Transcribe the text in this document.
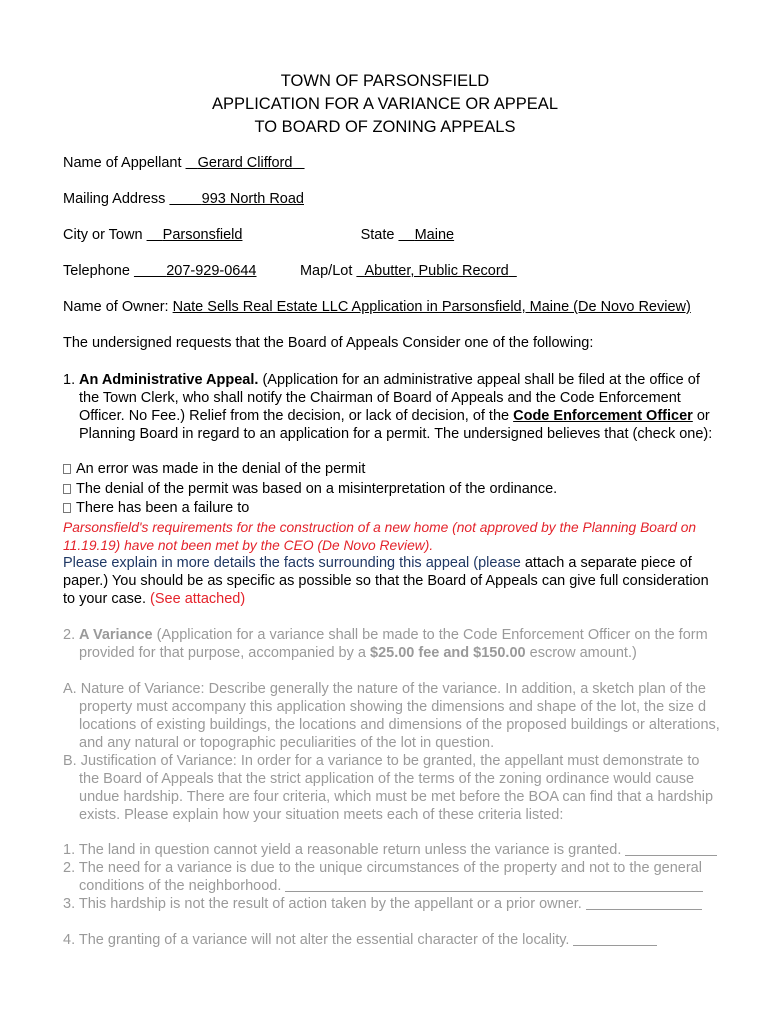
TOWN OF PARSONSFIELD
APPLICATION FOR A VARIANCE OR APPEAL
TO BOARD OF ZONING APPEALS
Name of Appellant Gerard Clifford
Mailing Address	993 North Road
City or Town Parsonsfield	State Maine
Telephone	207-929-0644	Map/Lot Abutter, Public Record
Name of Owner: Nate Sells Real Estate LLC Application in Parsonsfield, Maine (De Novo Review)
The undersigned requests that the Board of Appeals Consider one of the following:
1. An Administrative Appeal. (Application for an administrative appeal shall be filed at the office of the Town Clerk, who shall notify the Chairman of Board of Appeals and the Code Enforcement Officer. No Fee.) Relief from the decision, or lack of decision, of the Code Enforcement Officer or Planning Board in regard to an application for a permit. The undersigned believes that (check one):
An error was made in the denial of the permit
The denial of the permit was based on a misinterpretation of the ordinance.
There has been a failure to
Parsonsfield's requirements for the construction of a new home (not approved by the Planning Board on 11.19.19) have not been met by the CEO (De Novo Review).
Please explain in more details the facts surrounding this appeal (please attach a separate piece of paper.) You should be as specific as possible so that the Board of Appeals can give full consideration to your case. (See attached)
2. A Variance (Application for a variance shall be made to the Code Enforcement Officer on the form provided for that purpose, accompanied by a $25.00 fee and $150.00 escrow amount.)
A. Nature of Variance: Describe generally the nature of the variance. In addition, a sketch plan of the property must accompany this application showing the dimensions and shape of the lot, the size d locations of existing buildings, the locations and dimensions of the proposed buildings or alterations, and any natural or topographic peculiarities of the lot in question.
B. Justification of Variance: In order for a variance to be granted, the appellant must demonstrate to the Board of Appeals that the strict application of the terms of the zoning ordinance would cause undue hardship. There are four criteria, which must be met before the BOA can find that a hardship exists. Please explain how your situation meets each of these criteria listed:
1. The land in question cannot yield a reasonable return unless the variance is granted.
2. The need for a variance is due to the unique circumstances of the property and not to the general conditions of the neighborhood.
3. This hardship is not the result of action taken by the appellant or a prior owner.
4. The granting of a variance will not alter the essential character of the locality.
